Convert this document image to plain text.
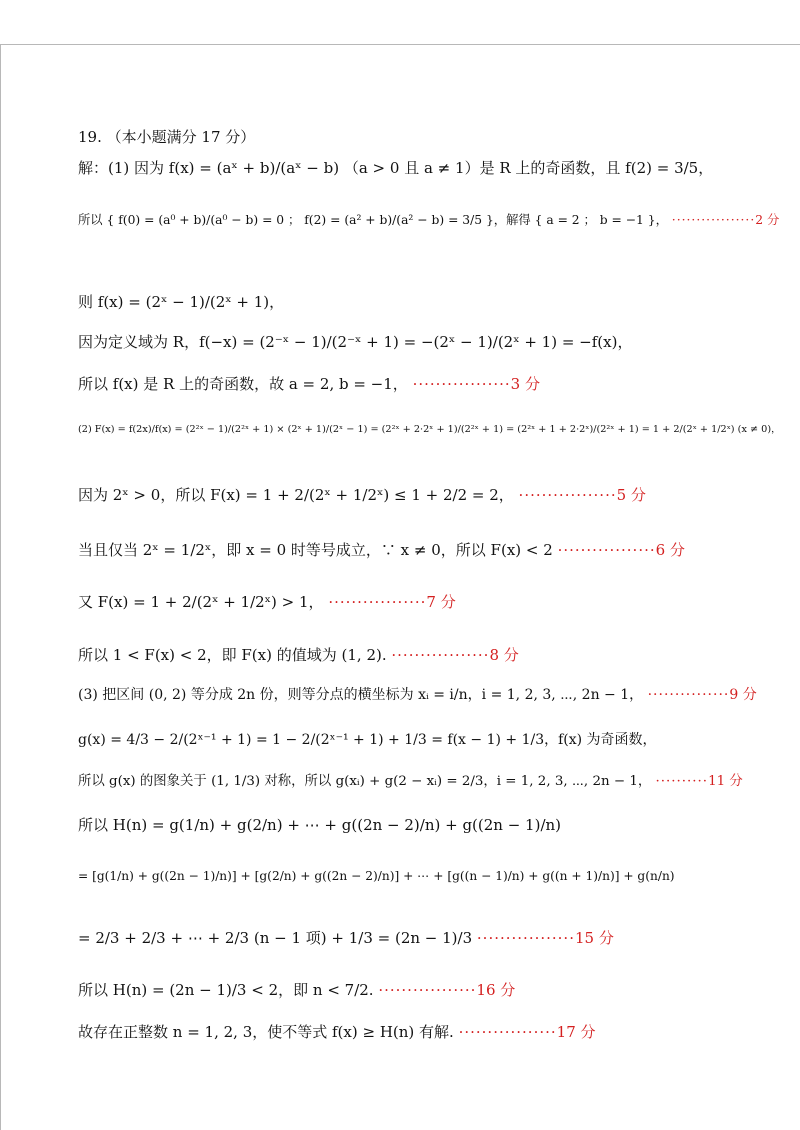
19. （本小题满分 17 分）
解：(1) 因为 f(x) = (aˣ + b)/(aˣ − b) （a > 0 且 a ≠ 1）是 R 上的奇函数，且 f(2) = 3/5，
所以 { f(0) = (a⁰ + b)/(a⁰ − b) = 0 ； f(2) = (a² + b)/(a² − b) = 3/5 }，解得 { a = 2 ； b = −1 }， ·················2 分
则 f(x) = (2ˣ − 1)/(2ˣ + 1)，
因为定义域为 R，f(−x) = (2⁻ˣ − 1)/(2⁻ˣ + 1) = −(2ˣ − 1)/(2ˣ + 1) = −f(x)，
所以 f(x) 是 R 上的奇函数，故 a = 2, b = −1， ·················3 分
(2) F(x) = f(2x)/f(x) = (2²ˣ − 1)/(2²ˣ + 1) × (2ˣ + 1)/(2ˣ − 1) = (2²ˣ + 2·2ˣ + 1)/(2²ˣ + 1) = (2²ˣ + 1 + 2·2ˣ)/(2²ˣ + 1) = 1 + 2/(2ˣ + 1/2ˣ) (x ≠ 0)，
因为 2ˣ > 0，所以 F(x) = 1 + 2/(2ˣ + 1/2ˣ) ≤ 1 + 2/2 = 2， ·················5 分
当且仅当 2ˣ = 1/2ˣ，即 x = 0 时等号成立，∵ x ≠ 0，所以 F(x) < 2 ·················6 分
又 F(x) = 1 + 2/(2ˣ + 1/2ˣ) > 1， ·················7 分
所以 1 < F(x) < 2，即 F(x) 的值域为 (1, 2). ·················8 分
(3) 把区间 (0, 2) 等分成 2n 份，则等分点的横坐标为 xᵢ = i/n，i = 1, 2, 3, ⋯, 2n − 1， ···············9 分
g(x) = 4/3 − 2/(2ˣ⁻¹ + 1) = 1 − 2/(2ˣ⁻¹ + 1) + 1/3 = f(x − 1) + 1/3，f(x) 为奇函数，
所以 g(x) 的图象关于 (1, 1/3) 对称，所以 g(xᵢ) + g(2 − xᵢ) = 2/3，i = 1, 2, 3, ⋯, 2n − 1， ··········11 分
所以 H(n) = g(1/n) + g(2/n) + ⋯ + g((2n − 2)/n) + g((2n − 1)/n)
= [g(1/n) + g((2n − 1)/n)] + [g(2/n) + g((2n − 2)/n)] + ⋯ + [g((n − 1)/n) + g((n + 1)/n)] + g(n/n)
= 2/3 + 2/3 + ⋯ + 2/3 (n − 1 项) + 1/3 = (2n − 1)/3 ·················15 分
所以 H(n) = (2n − 1)/3 < 2，即 n < 7/2. ·················16 分
故存在正整数 n = 1, 2, 3，使不等式 f(x) ≥ H(n) 有解. ·················17 分
